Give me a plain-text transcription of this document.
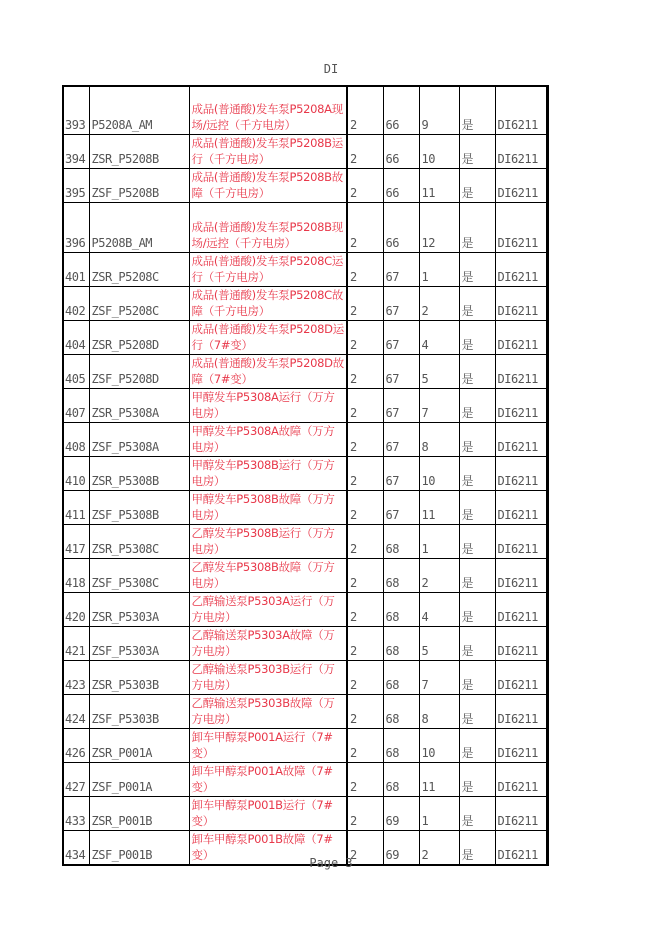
DI
393	P5208A_AM	成品(普通酸)发车泵P5208A现场/远控（千方电房）	2	66	9	是	DI6211
394	ZSR_P5208B	成品(普通酸)发车泵P5208B运行（千方电房）	2	66	10	是	DI6211
395	ZSF_P5208B	成品(普通酸)发车泵P5208B故障（千方电房）	2	66	11	是	DI6211
396	P5208B_AM	成品(普通酸)发车泵P5208B现场/远控（千方电房）	2	66	12	是	DI6211
401	ZSR_P5208C	成品(普通酸)发车泵P5208C运行（千方电房）	2	67	1	是	DI6211
402	ZSF_P5208C	成品(普通酸)发车泵P5208C故障（千方电房）	2	67	2	是	DI6211
404	ZSR_P5208D	成品(普通酸)发车泵P5208D运行（7#变）	2	67	4	是	DI6211
405	ZSF_P5208D	成品(普通酸)发车泵P5208D故障（7#变）	2	67	5	是	DI6211
407	ZSR_P5308A	甲醇发车P5308A运行（万方电房）	2	67	7	是	DI6211
408	ZSF_P5308A	甲醇发车P5308A故障（万方电房）	2	67	8	是	DI6211
410	ZSR_P5308B	甲醇发车P5308B运行（万方电房）	2	67	10	是	DI6211
411	ZSF_P5308B	甲醇发车P5308B故障（万方电房）	2	67	11	是	DI6211
417	ZSR_P5308C	乙醇发车P5308B运行（万方电房）	2	68	1	是	DI6211
418	ZSF_P5308C	乙醇发车P5308B故障（万方电房）	2	68	2	是	DI6211
420	ZSR_P5303A	乙醇输送泵P5303A运行（万方电房）	2	68	4	是	DI6211
421	ZSF_P5303A	乙醇输送泵P5303A故障（万方电房）	2	68	5	是	DI6211
423	ZSR_P5303B	乙醇输送泵P5303B运行（万方电房）	2	68	7	是	DI6211
424	ZSF_P5303B	乙醇输送泵P5303B故障（万方电房）	2	68	8	是	DI6211
426	ZSR_P001A	卸车甲醇泵P001A运行（7#变）	2	68	10	是	DI6211
427	ZSF_P001A	卸车甲醇泵P001A故障（7#变）	2	68	11	是	DI6211
433	ZSR_P001B	卸车甲醇泵P001B运行（7#变）	2	69	1	是	DI6211
434	ZSF_P001B	卸车甲醇泵P001B故障（7#变）	2	69	2	是	DI6211
Page 3
